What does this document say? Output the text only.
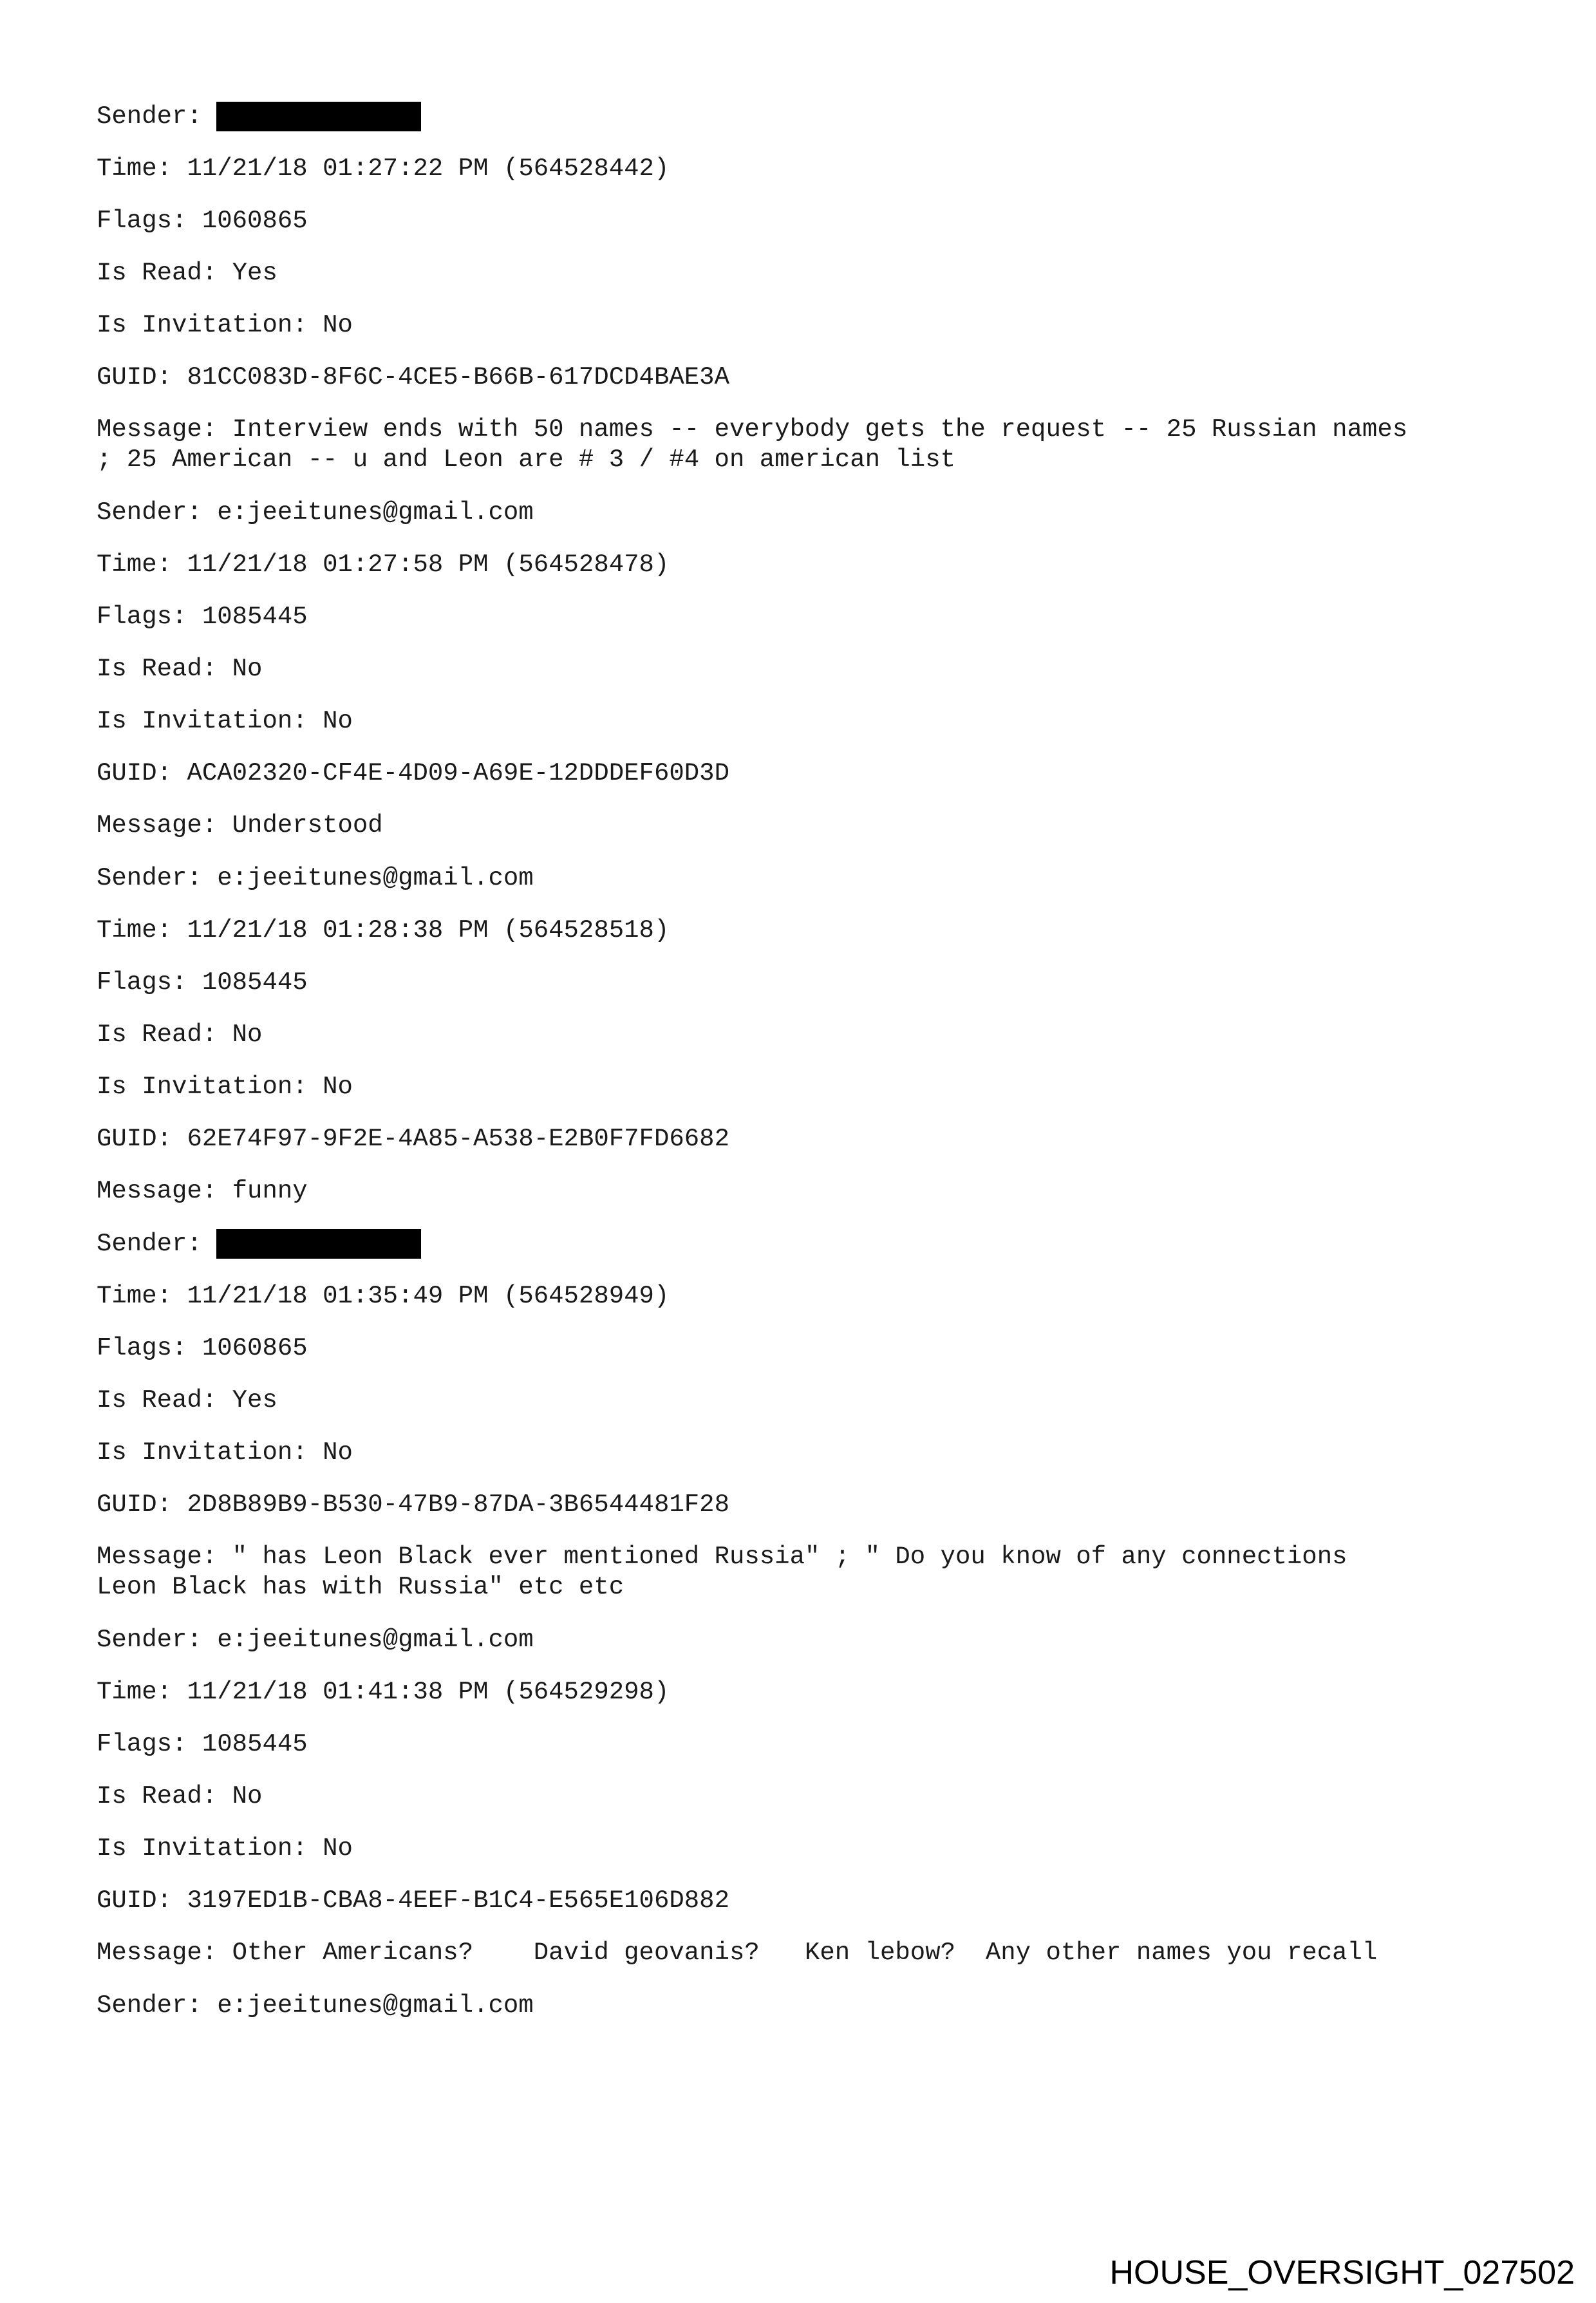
Sender:
Time: 11/21/18 01:27:22 PM (564528442)
Flags: 1060865
Is Read: Yes
Is Invitation: No
GUID: 81CC083D-8F6C-4CE5-B66B-617DCD4BAE3A
Message: Interview ends with 50 names -- everybody gets the request -- 25 Russian names
; 25 American -- u and Leon are # 3 / #4 on american list
Sender: e:jeeitunes@gmail.com
Time: 11/21/18 01:27:58 PM (564528478)
Flags: 1085445
Is Read: No
Is Invitation: No
GUID: ACA02320-CF4E-4D09-A69E-12DDDEF60D3D
Message: Understood
Sender: e:jeeitunes@gmail.com
Time: 11/21/18 01:28:38 PM (564528518)
Flags: 1085445
Is Read: No
Is Invitation: No
GUID: 62E74F97-9F2E-4A85-A538-E2B0F7FD6682
Message: funny
Sender:
Time: 11/21/18 01:35:49 PM (564528949)
Flags: 1060865
Is Read: Yes
Is Invitation: No
GUID: 2D8B89B9-B530-47B9-87DA-3B6544481F28
Message: " has Leon Black ever mentioned Russia" ; " Do you know of any connections
Leon Black has with Russia" etc etc
Sender: e:jeeitunes@gmail.com
Time: 11/21/18 01:41:38 PM (564529298)
Flags: 1085445
Is Read: No
Is Invitation: No
GUID: 3197ED1B-CBA8-4EEF-B1C4-E565E106D882
Message: Other Americans?    David geovanis?   Ken lebow?  Any other names you recall
Sender: e:jeeitunes@gmail.com
HOUSE_OVERSIGHT_027502
